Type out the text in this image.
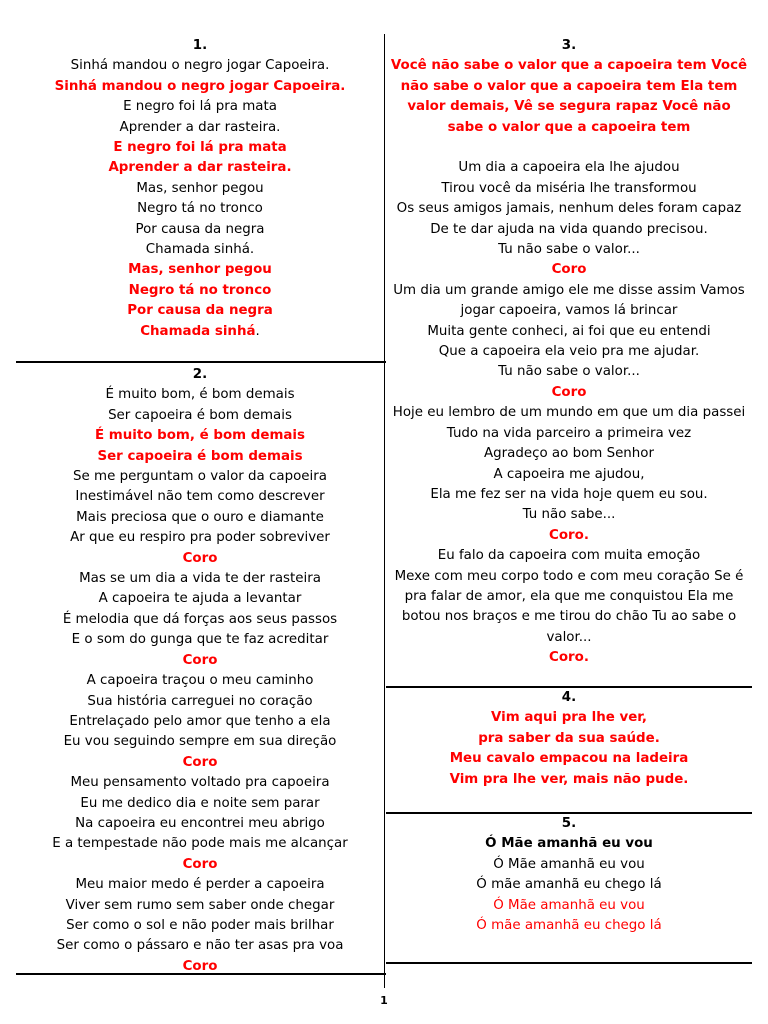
1.
Sinhá mandou o negro jogar Capoeira.
Sinhá mandou o negro jogar Capoeira.
E negro foi lá pra mata
Aprender a dar rasteira.
E negro foi lá pra mata
Aprender a dar rasteira.
Mas, senhor pegou
Negro tá no tronco
Por causa da negra
Chamada sinhá.
Mas, senhor pegou
Negro tá no tronco
Por causa da negra
Chamada sinhá.
2.
É muito bom, é bom demais
Ser capoeira é bom demais
É muito bom, é bom demais
Ser capoeira é bom demais
Se me perguntam o valor da capoeira
Inestimável não tem como descrever
Mais preciosa que o ouro e diamante
Ar que eu respiro pra poder sobreviver
Coro
Mas se um dia a vida te der rasteira
A capoeira te ajuda a levantar
É melodia que dá forças aos seus passos
E o som do gunga que te faz acreditar
Coro
A capoeira traçou o meu caminho
Sua história carreguei no coração
Entrelaçado pelo amor que tenho a ela
Eu vou seguindo sempre em sua direção
Coro
Meu pensamento voltado pra capoeira
Eu me dedico dia e noite sem parar
Na capoeira eu encontrei meu abrigo
E a tempestade não pode mais me alcançar
Coro
Meu maior medo é perder a capoeira
Viver sem rumo sem saber onde chegar
Ser como o sol e não poder mais brilhar
Ser como o pássaro e não ter asas pra voa
Coro
3.
Você não sabe o valor que a capoeira tem Você não sabe o valor que a capoeira tem Ela tem valor demais, Vê se segura rapaz Você não sabe o valor que a capoeira tem
Um dia a capoeira ela lhe ajudou
Tirou você da miséria lhe transformou
Os seus amigos jamais, nenhum deles foram capaz
De te dar ajuda na vida quando precisou.
Tu não sabe o valor...
Coro
Um dia um grande amigo ele me disse assim Vamos jogar capoeira, vamos lá brincar
Muita gente conheci, ai foi que eu entendi
Que a capoeira ela veio pra me ajudar.
Tu não sabe o valor...
Coro
Hoje eu lembro de um mundo em que um dia passei
Tudo na vida parceiro a primeira vez
Agradeço ao bom Senhor
A capoeira me ajudou,
Ela me fez ser na vida hoje quem eu sou.
Tu não sabe...
Coro.
Eu falo da capoeira com muita emoção
Mexe com meu corpo todo e com meu coração Se é pra falar de amor, ela que me conquistou Ela me botou nos braços e me tirou do chão Tu ao sabe o valor...
Coro.
4.
Vim aqui pra lhe ver,
pra saber da sua saúde.
Meu cavalo empacou na ladeira
Vim pra lhe ver, mais não pude.
5.
Ó Mãe amanhã eu vou
Ó Mãe amanhã eu vou
Ó mãe amanhã eu chego lá
Ó Mãe amanhã eu vou
Ó mãe amanhã eu chego lá
1
